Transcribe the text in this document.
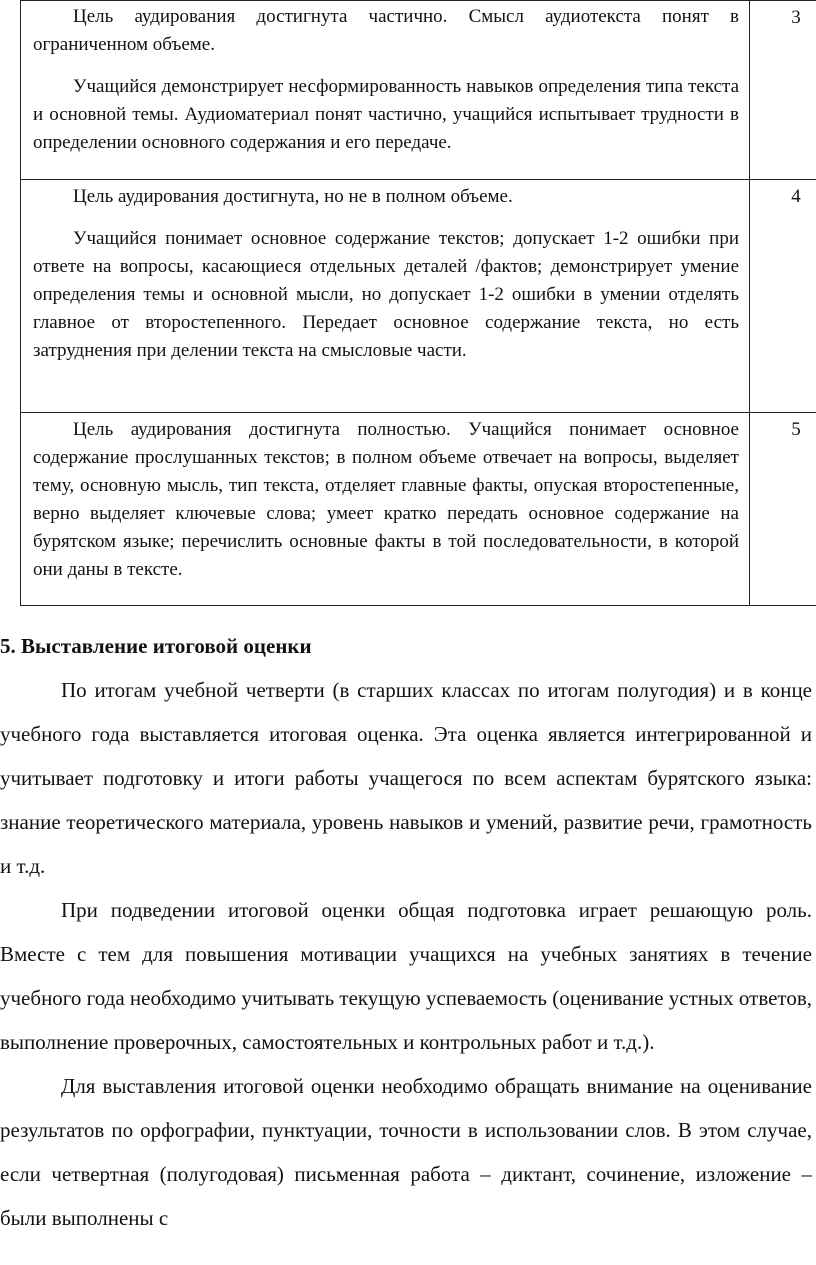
Цель аудирования достигнута частично. Смысл аудиотекста понят в ограниченном объеме.

Учащийся демонстрирует несформированность навыков определения типа текста и основной темы. Аудиоматериал понят частично, учащийся испытывает трудности в определении основного содержания и его передаче.	3

Цель аудирования достигнута, но не в полном объеме.

Учащийся понимает основное содержание текстов; допускает 1-2 ошибки при ответе на вопросы, касающиеся отдельных деталей /фактов; демонстрирует умение определения темы и основной мысли, но допускает 1-2 ошибки в умении отделять главное от второстепенного. Передает основное содержание текста, но есть затруднения при делении текста на смысловые части.	4

Цель аудирования достигнута полностью. Учащийся понимает основное содержание прослушанных текстов; в полном объеме отвечает на вопросы, выделяет тему, основную мысль, тип текста, отделяет главные факты, опуская второстепенные, верно выделяет ключевые слова; умеет кратко передать основное содержание на бурятском языке; перечислить основные факты в той последовательности, в которой они даны в тексте.	5
5. Выставление итоговой оценки

По итогам учебной четверти (в старших классах по итогам полугодия) и в конце учебного года выставляется итоговая оценка. Эта оценка является интегрированной и учитывает подготовку и итоги работы учащегося по всем аспектам бурятского языка: знание теоретического материала, уровень навыков и умений, развитие речи, грамотность и т.д.

При подведении итоговой оценки общая подготовка играет решающую роль. Вместе с тем для повышения мотивации учащихся на учебных занятиях в течение учебного года необходимо учитывать текущую успеваемость (оценивание устных ответов, выполнение проверочных, самостоятельных и контрольных работ и т.д.).

Для выставления итоговой оценки необходимо обращать внимание на оценивание результатов по орфографии, пунктуации, точности в использовании слов. В этом случае, если четвертная (полугодовая) письменная работа – диктант, сочинение, изложение – были выполнены с
